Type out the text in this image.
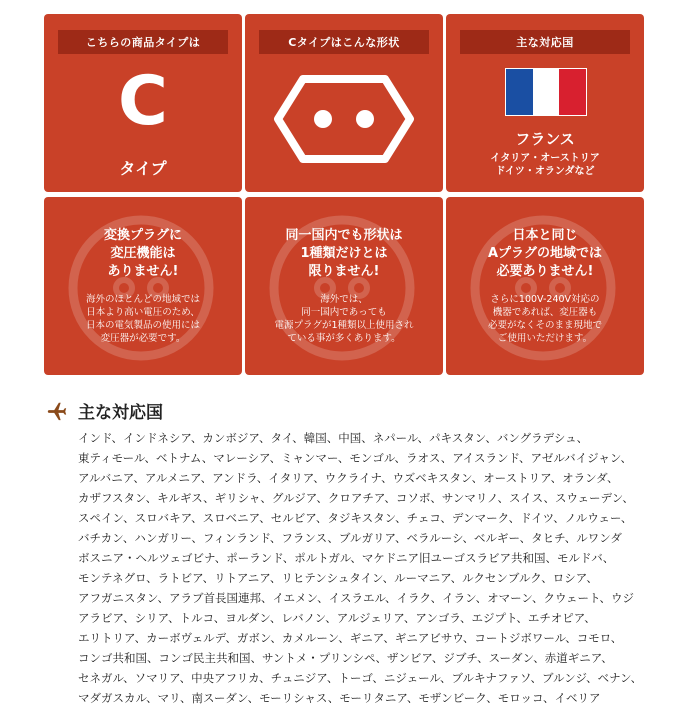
こちらの商品タイプは
C
タイプ
Cタイプはこんな形状	主な対応国
フランス
イタリア・オーストリア
ドイツ・オランダなど
変換プラグに
変圧機能は
ありません!
海外のほとんどの地域では
日本より高い電圧のため、
日本の電気製品の使用には
変圧器が必要です。
同一国内でも形状は
1種類だけとは
限りません!
海外では、
同一国内であっても
電源プラグが1種類以上使用され
ている事が多くあります。
日本と同じ
Aプラグの地域では
必要ありません!
さらに100V-240V対応の
機器であれば、変圧器も
必要がなくそのまま現地で
ご使用いただけます。
主な対応国
インド、インドネシア、カンボジア、タイ、韓国、中国、ネパール、パキスタン、バングラデシュ、
東ティモール、ベトナム、マレーシア、ミャンマー、モンゴル、ラオス、アイスランド、アゼルバイジャン、
アルバニア、アルメニア、アンドラ、イタリア、ウクライナ、ウズベキスタン、オーストリア、オランダ、
カザフスタン、キルギス、ギリシャ、グルジア、クロアチア、コソボ、サンマリノ、スイス、スウェーデン、
スペイン、スロバキア、スロベニア、セルビア、タジキスタン、チェコ、デンマーク、ドイツ、ノルウェー、
バチカン、ハンガリー、フィンランド、フランス、ブルガリア、ベラルーシ、ベルギー、タヒチ、ルワンダ
ボスニア・ヘルツェゴビナ、ポーランド、ポルトガル、マケドニア旧ユーゴスラビア共和国、モルドバ、
モンテネグロ、ラトビア、リトアニア、リヒテンシュタイン、ルーマニア、ルクセンブルク、ロシア、
アフガニスタン、アラブ首長国連邦、イエメン、イスラエル、イラク、イラン、オマーン、クウェート、ウジ
アラビア、シリア、トルコ、ヨルダン、レバノン、アルジェリア、アンゴラ、エジプト、エチオピア、
エリトリア、カーボヴェルデ、ガボン、カメルーン、ギニア、ギニアビサウ、コートジボワール、コモロ、
コンゴ共和国、コンゴ民主共和国、サントメ・プリンシペ、ザンビア、ジブチ、スーダン、赤道ギニア、
セネガル、ソマリア、中央アフリカ、チュニジア、トーゴ、ニジェール、ブルキナファソ、ブルンジ、ベナン、
マダガスカル、マリ、南スーダン、モーリシャス、モーリタニア、モザンビーク、モロッコ、イベリア
